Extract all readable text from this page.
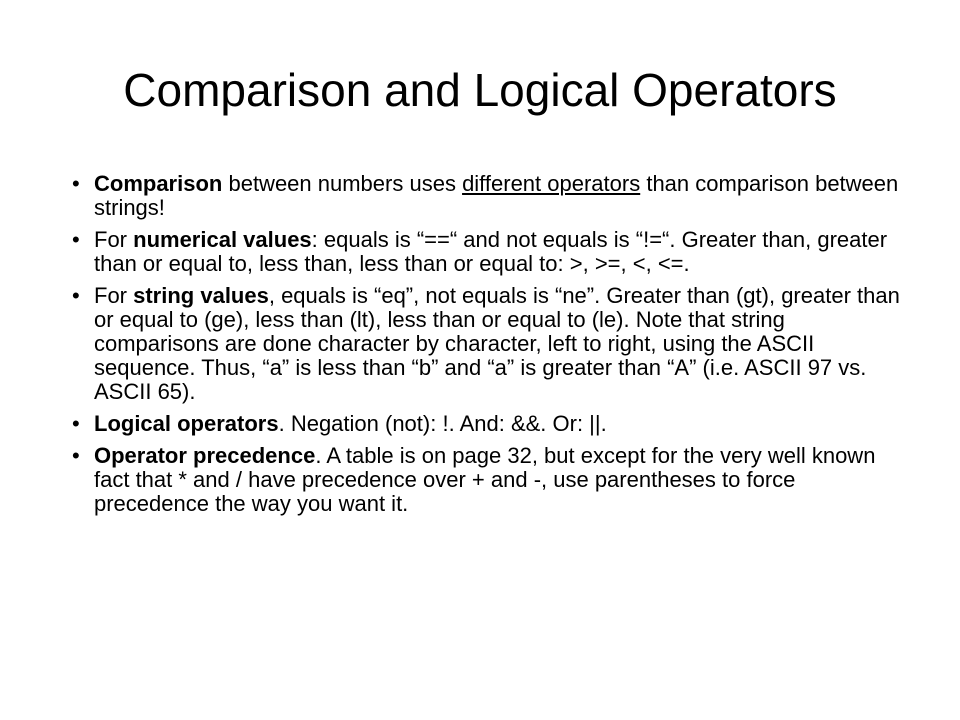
Comparison and Logical Operators
• Comparison between numbers uses different operators than comparison between strings!
• For numerical values: equals is “==“ and not equals is “!=“. Greater than, greater than or equal to, less than, less than or equal to: >, >=, <, <=.
• For string values, equals is “eq”, not equals is “ne”. Greater than (gt), greater than or equal to (ge), less than (lt), less than or equal to (le). Note that string comparisons are done character by character, left to right, using the ASCII sequence. Thus, “a” is less than “b” and “a” is greater than “A” (i.e. ASCII 97 vs. ASCII 65).
• Logical operators. Negation (not): !. And: &&. Or: ||.
• Operator precedence. A table is on page 32, but except for the very well known fact that * and / have precedence over + and -, use parentheses to force precedence the way you want it.
